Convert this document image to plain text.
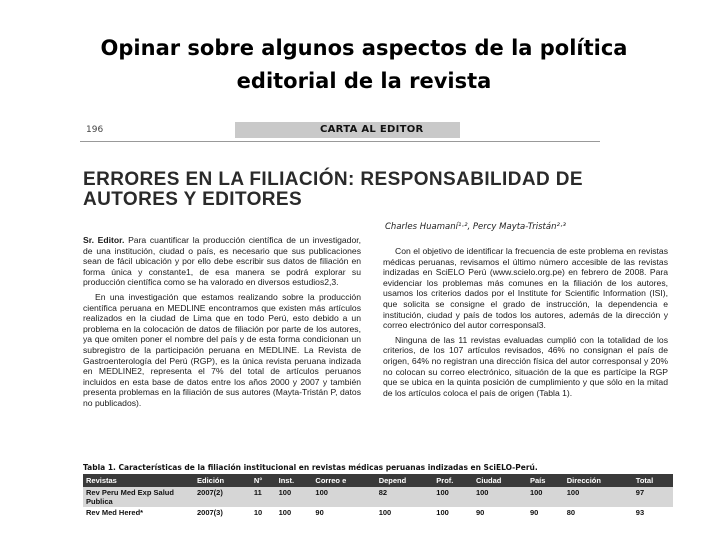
Opinar sobre algunos aspectos de la política
editorial de la revista
196	CARTA AL EDITOR
ERRORES EN LA FILIACIÓN: RESPONSABILIDAD DE AUTORES Y EDITORES
Charles Huamaní¹·², Percy Mayta-Tristán²·³

Sr. Editor. Para cuantificar la producción científica de un investigador, de una institución, ciudad o país, es necesario que sus publicaciones sean de fácil ubicación y por ello debe escribir sus datos de filiación en forma única y constante1, de esa manera se podrá explorar su producción científica como se ha valorado en diversos estudios2,3.

En una investigación que estamos realizando sobre la producción científica peruana en MEDLINE encontramos que existen más artículos realizados en la ciudad de Lima que en todo Perú, esto debido a un problema en la colocación de datos de filiación por parte de los autores, ya que omiten poner el nombre del país y de esta forma condicionan un subregistro de la participación peruana en MEDLINE. La Revista de Gastroenterología del Perú (RGP), es la única revista peruana indizada en MEDLINE2, representa el 7% del total de artículos peruanos incluidos en esta base de datos entre los años 2000 y 2007 y también presenta problemas en la filiación de sus autores (Mayta-Tristán P, datos no publicados).

Con el objetivo de identificar la frecuencia de este problema en revistas médicas peruanas, revisamos el último número accesible de las revistas indizadas en SciELO Perú (www.scielo.org.pe) en febrero de 2008. Para evidenciar los problemas más comunes en la filiación de los autores, usamos los criterios dados por el Institute for Scientific Information (ISI), que solicita se consigne el grado de instrucción, la dependencia e institución, ciudad y país de todos los autores, además de la dirección y correo electrónico del autor corresponsal3.

Ninguna de las 11 revistas evaluadas cumplió con la totalidad de los criterios, de los 107 artículos revisados, 46% no consignan el país de origen, 64% no registran una dirección física del autor corresponsal y 20% no colocan su correo electrónico, situación de la que es partícipe la RGP que se ubica en la quinta posición de cumplimiento y que sólo en la mitad de los artículos coloca el país de origen (Tabla 1).

Tabla 1. Características de la filiación institucional en revistas médicas peruanas indizadas en SciELO-Perú.
Revistas	Edición	N°	Inst.	Correo e	Depend	Prof.	Ciudad	País	Dirección	Total
Rev Peru Med Exp Salud Publica	2007(2)	11	100	100	82	100	100	100	100	97
Rev Med Hered*	2007(3)	10	100	90	100	100	90	90	80	93
